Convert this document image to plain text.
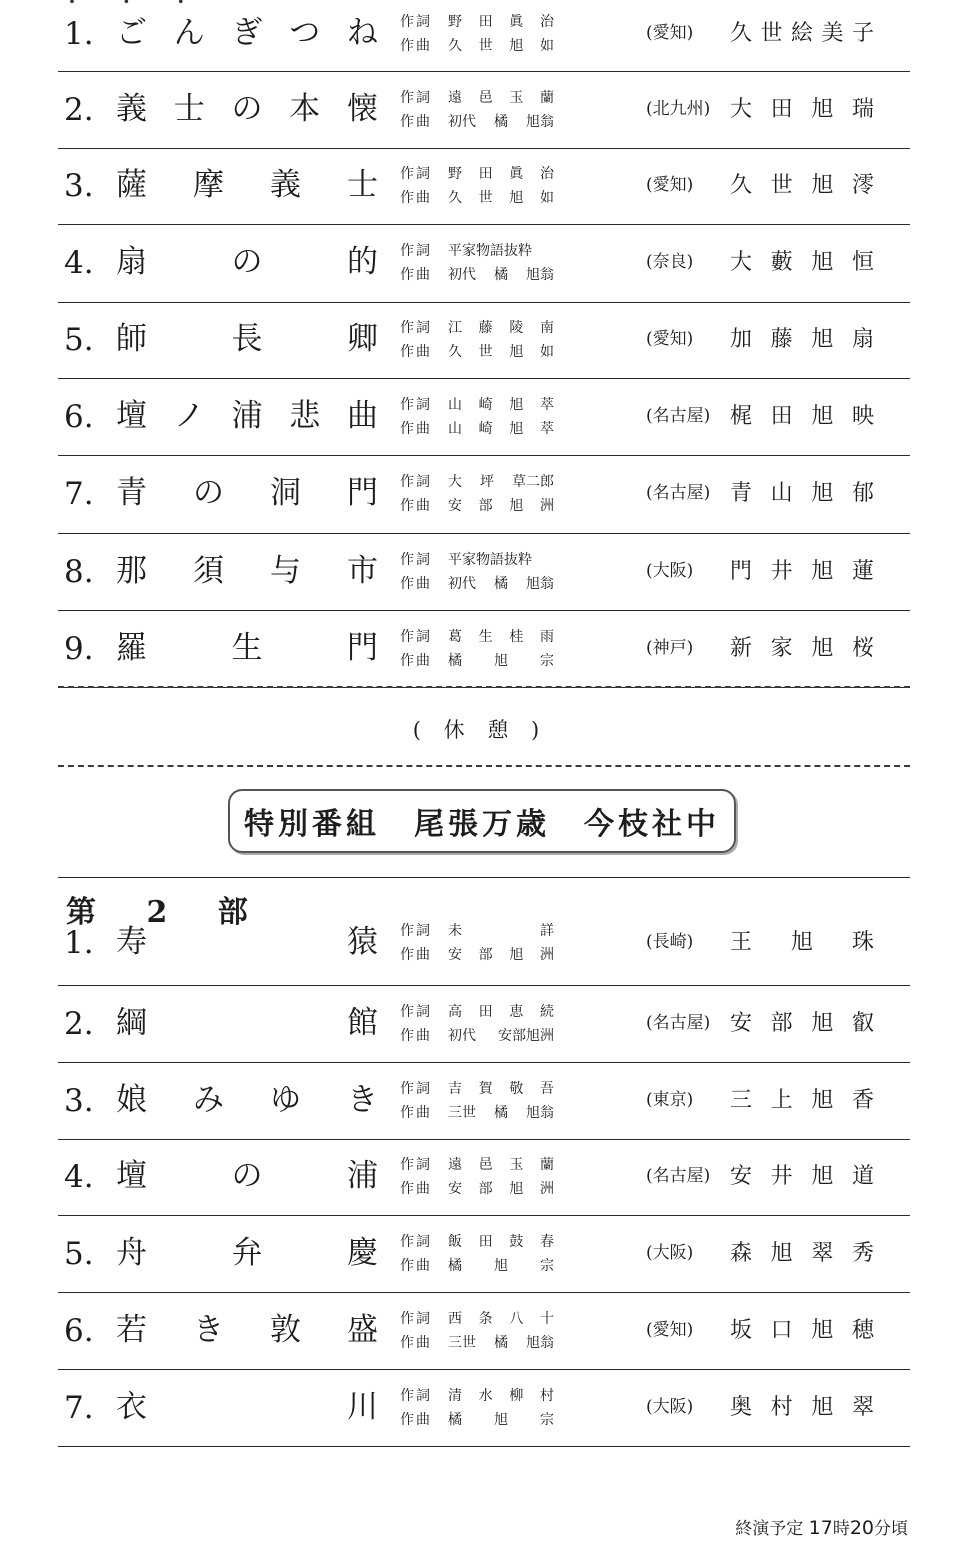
1. ご ん ぎ つ ね 作詞	野 田 眞 治
作曲	久 世 旭 如
(愛知)	久 世 絵 美 子
2. 義 士 の 本 懐 作詞	遠 邑 玉 蘭
作曲	初代 橘 旭翁
(北九州) 大 田 旭 瑞
3. 薩 摩 義 士 作詞	野 田 眞 治
作曲	久 世 旭 如
(愛知)	久 世 旭 澪
4. 扇	の	的 作詞	平家物語抜粋
作曲	初代 橘 旭翁
(奈良)	大 藪 旭 恒
5. 師	長	卿 作詞	江 藤 陵 南
作曲	久 世 旭 如
(愛知)	加 藤 旭 扇
6. 壇 ノ 浦 悲 曲 作詞	山 崎 旭 萃
作曲	山 崎 旭 萃
(名古屋) 梶 田 旭 映
7. 青 の 洞 門 作詞	大 坪 草二郎
作曲	安 部 旭 洲
(名古屋) 青 山 旭 郁
8. 那 須 与 市 作詞	平家物語抜粋
作曲	初代 橘 旭翁
(大阪)	門 井 旭 蓮
9. 羅	生	門 作詞	葛 生 桂 雨
作曲	橘 旭 宗
(神戸)	新 家 旭 桜
( 休 憩 )
特別番組　尾張万歳　今枝社中
第 2 部
1. 寿	猿 作詞	未	詳
作曲	安 部 旭 洲
(長崎)	王 旭 珠
2. 綱	館 作詞	高 田 恵 続
作曲	初代 安部旭洲
(名古屋) 安 部 旭 叡
3. 娘 み ゆ き 作詞	吉 賀 敬 吾
作曲	三世 橘 旭翁
(東京)	三 上 旭 香
4. 壇	の	浦 作詞	遠 邑 玉 蘭
作曲	安 部 旭 洲
(名古屋) 安 井 旭 道
5. 舟	弁	慶 作詞	飯 田 鼓 春
作曲	橘 旭 宗
(大阪)	森 旭 翠 秀
6. 若 き 敦 盛 作詞	西 条 八 十
作曲	三世 橘 旭翁
(愛知)	坂 口 旭 穂
7. 衣	川 作詞	清 水 柳 村
作曲	橘 旭 宗
(大阪)	奥 村 旭 翠
終演予定 17時20分頃
